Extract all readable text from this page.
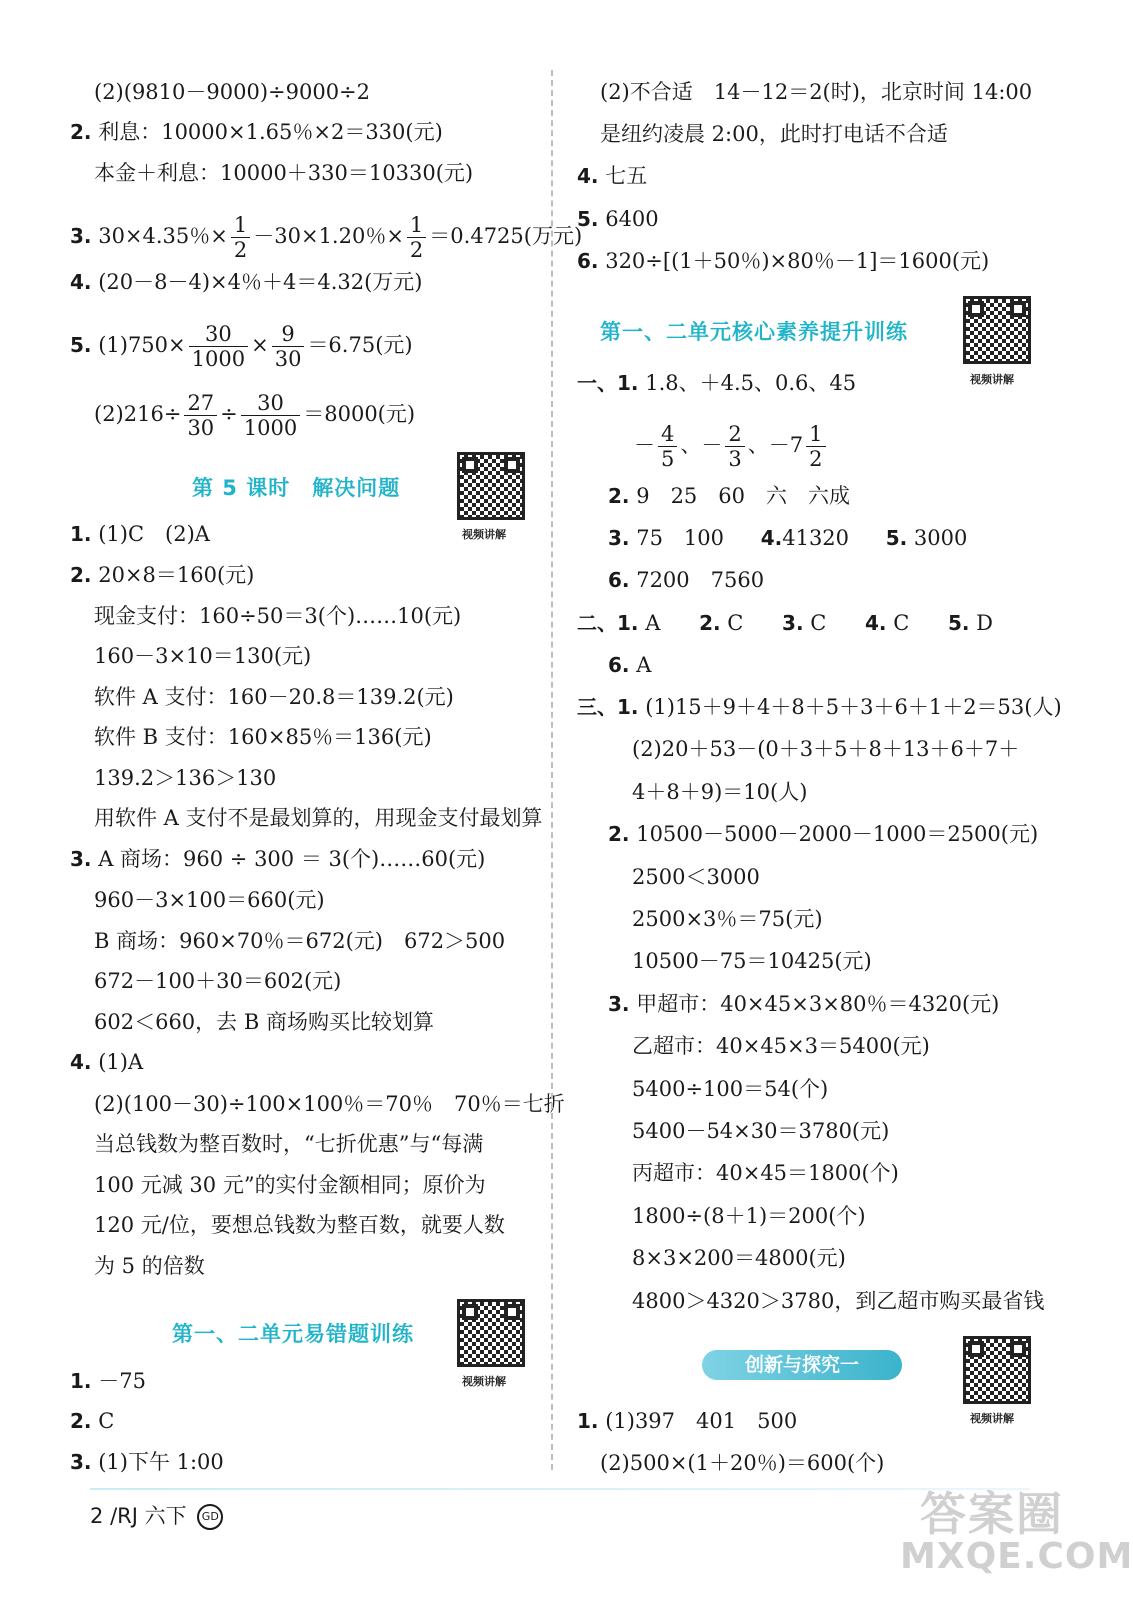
(2)(9810－9000)÷9000÷2
2. 利息：10000×1.65％×2＝330(元)
本金＋利息：10000＋330＝10330(元)
3. 30×4.35％× $\frac{1}{2} -30\times 1.20$％× $\frac{1}{2} =0.4725$(万元)
4. (20－8－4)×4％＋4＝4.32(万元)
5. $(1)750\times \frac{30}{1000} \times \frac{9}{30} =6.75$(元)
$(2)216\div \frac{27}{30} \div \frac{30}{1000} =8000$(元)
第 5 课时　解决问题
视频讲解
1. (1)C　(2)A
2. 20×8＝160(元)
现金支付：160÷50＝3(个)……10(元)
160－3×10＝130(元)
软件 A 支付：160－20.8＝139.2(元)
软件 B 支付：160×85％＝136(元)
139.2＞136＞130
用软件 A 支付不是最划算的，用现金支付最划算
3. A 商场：960 ÷ 300 ＝ 3(个)……60(元)
960－3×100＝660(元)
B 商场：960×70％＝672(元)　672＞500
672－100＋30＝602(元)
602＜660，去 B 商场购买比较划算
4. (1)A
(2)(100－30)÷100×100％＝70％　70％＝七折
当总钱数为整百数时，“七折优惠”与“每满
100 元减 30 元”的实付金额相同；原价为
120 元/位，要想总钱数为整百数，就要人数
为 5 的倍数
第一、二单元易错题训练
视频讲解
1. －75
2. C
3. (1)下午 1:00
(2)不合适　14－12＝2(时)，北京时间 14:00
是纽约凌晨 2:00，此时打电话不合适
4. 七五
5. 6400
6. 320÷[(1＋50％)×80％－1]＝1600(元)
第一、二单元核心素养提升训练
视频讲解
一、1. 1.8、＋4.5、0.6、45
－ $\frac{4}{5}$ 、－ $\frac{2}{3}$ 、$-7 \frac{1}{2}$
2. 9　25　60　六　六成
3. 75　100 4.41320 5. 3000
6. 7200　7560
二、1. A 2. C 3. C 4. C 5. D
6. A
三、1. (1)15＋9＋4＋8＋5＋3＋6＋1＋2＝53(人)
(2)20＋53－(0＋3＋5＋8＋13＋6＋7＋
4＋8＋9)＝10(人)
2. 10500－5000－2000－1000＝2500(元)
2500＜3000
2500×3％＝75(元)
10500－75＝10425(元)
3. 甲超市：40×45×3×80％＝4320(元)
乙超市：40×45×3＝5400(元)
5400÷100＝54(个)
5400－54×30＝3780(元)
丙超市：40×45＝1800(个)
1800÷(8＋1)＝200(个)
8×3×200＝4800(元)
4800＞4320＞3780，到乙超市购买最省钱
创新与探究一
视频讲解
1. (1)397　401　500
(2)500×(1＋20％)＝600(个)
2 /RJ 六下 GD	答案圈
MXQE.COM
